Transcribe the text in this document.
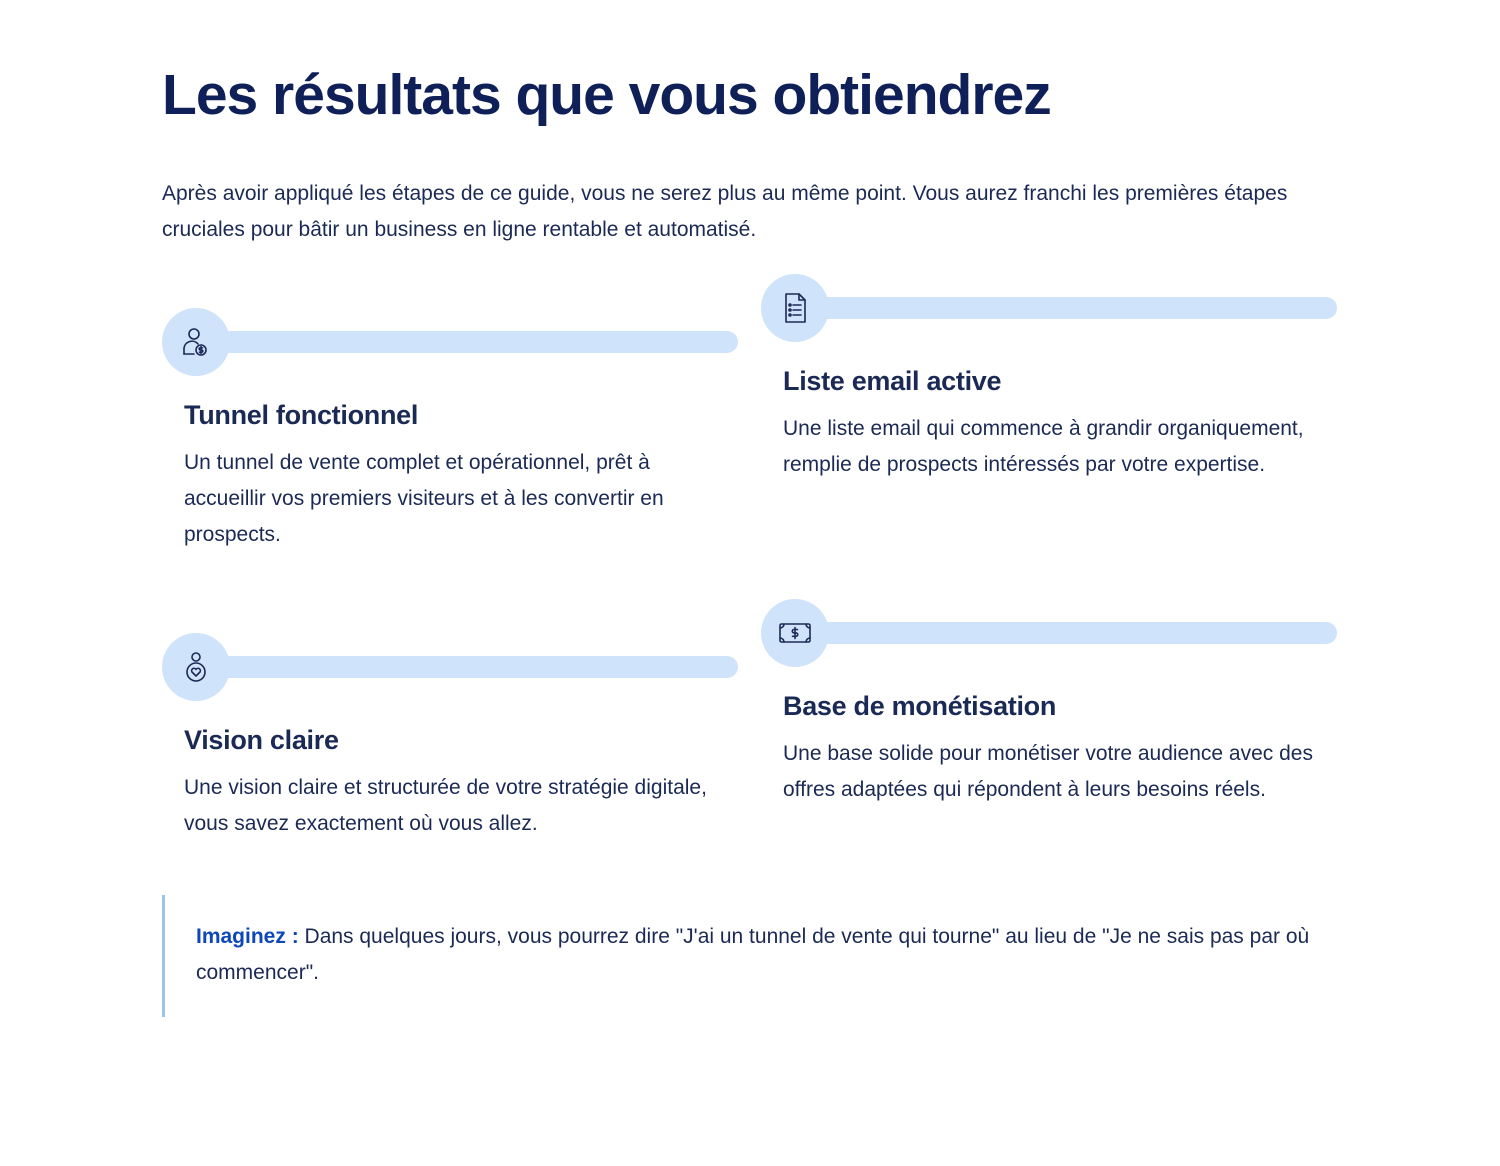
Les résultats que vous obtiendrez

Après avoir appliqué les étapes de ce guide, vous ne serez plus au même point. Vous aurez franchi les premières étapes cruciales pour bâtir un business en ligne rentable et automatisé.

Tunnel fonctionnel
Un tunnel de vente complet et opérationnel, prêt à accueillir vos premiers visiteurs et à les convertir en prospects.
Liste email active
Une liste email qui commence à grandir organiquement, remplie de prospects intéressés par votre expertise.
Vision claire
Une vision claire et structurée de votre stratégie digitale, vous savez exactement où vous allez.
Base de monétisation
Une base solide pour monétiser votre audience avec des offres adaptées qui répondent à leurs besoins réels.
Imaginez : Dans quelques jours, vous pourrez dire "J'ai un tunnel de vente qui tourne" au lieu de "Je ne sais pas par où commencer".
